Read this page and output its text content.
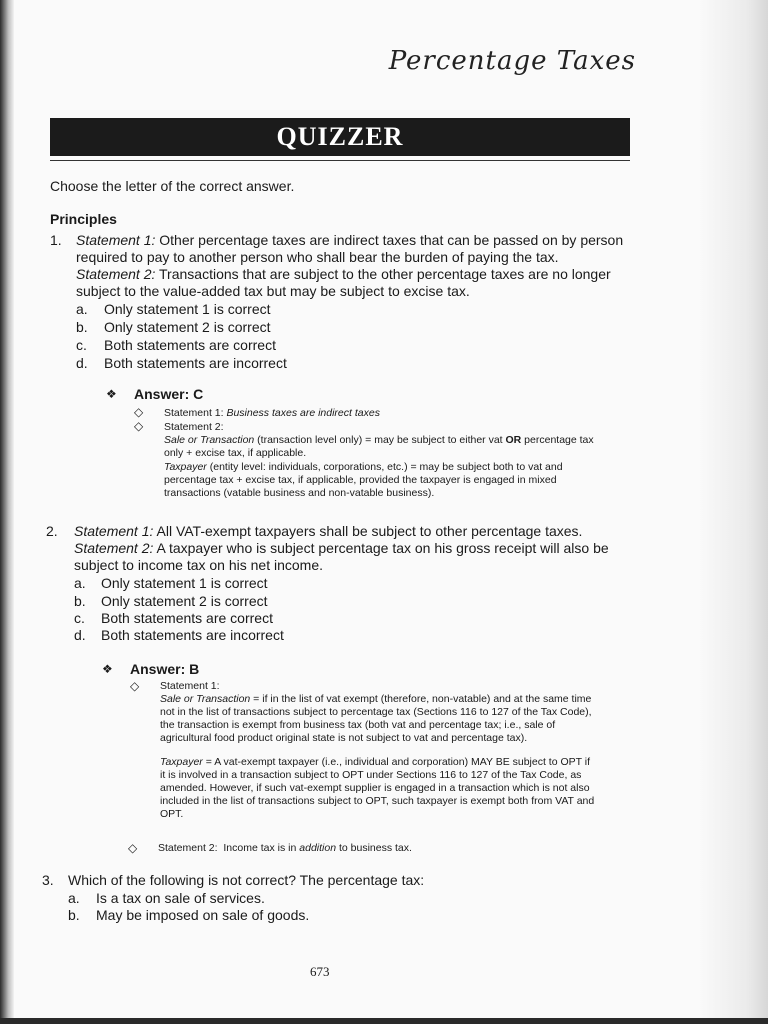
Percentage Taxes
QUIZZER
Choose the letter of the correct answer.
Principles
1. Statement 1: Other percentage taxes are indirect taxes that can be passed on by person
required to pay to another person who shall bear the burden of paying the tax.
Statement 2: Transactions that are subject to the other percentage taxes are no longer
subject to the value-added tax but may be subject to excise tax.
a. Only statement 1 is correct
b. Only statement 2 is correct
c. Both statements are correct
d. Both statements are incorrect
❖ Answer: C
◇ Statement 1: Business taxes are indirect taxes
◇ Statement 2:
Sale or Transaction (transaction level only) = may be subject to either vat OR percentage tax
only + excise tax, if applicable.
Taxpayer (entity level: individuals, corporations, etc.) = may be subject both to vat and
percentage tax + excise tax, if applicable, provided the taxpayer is engaged in mixed
transactions (vatable business and non-vatable business).
2. Statement 1: All VAT-exempt taxpayers shall be subject to other percentage taxes.
Statement 2: A taxpayer who is subject percentage tax on his gross receipt will also be
subject to income tax on his net income.
a. Only statement 1 is correct
b. Only statement 2 is correct
c. Both statements are correct
d. Both statements are incorrect
❖ Answer: B
◇ Statement 1:
Sale or Transaction = if in the list of vat exempt (therefore, non-vatable) and at the same time
not in the list of transactions subject to percentage tax (Sections 116 to 127 of the Tax Code),
the transaction is exempt from business tax (both vat and percentage tax; i.e., sale of
agricultural food product original state is not subject to vat and percentage tax).
Taxpayer = A vat-exempt taxpayer (i.e., individual and corporation) MAY BE subject to OPT if
it is involved in a transaction subject to OPT under Sections 116 to 127 of the Tax Code, as
amended. However, if such vat-exempt supplier is engaged in a transaction which is not also
included in the list of transactions subject to OPT, such taxpayer is exempt both from VAT and
OPT.
◇ Statement 2: Income tax is in addition to business tax.
3. Which of the following is not correct? The percentage tax:
a. Is a tax on sale of services.
b. May be imposed on sale of goods.
673
